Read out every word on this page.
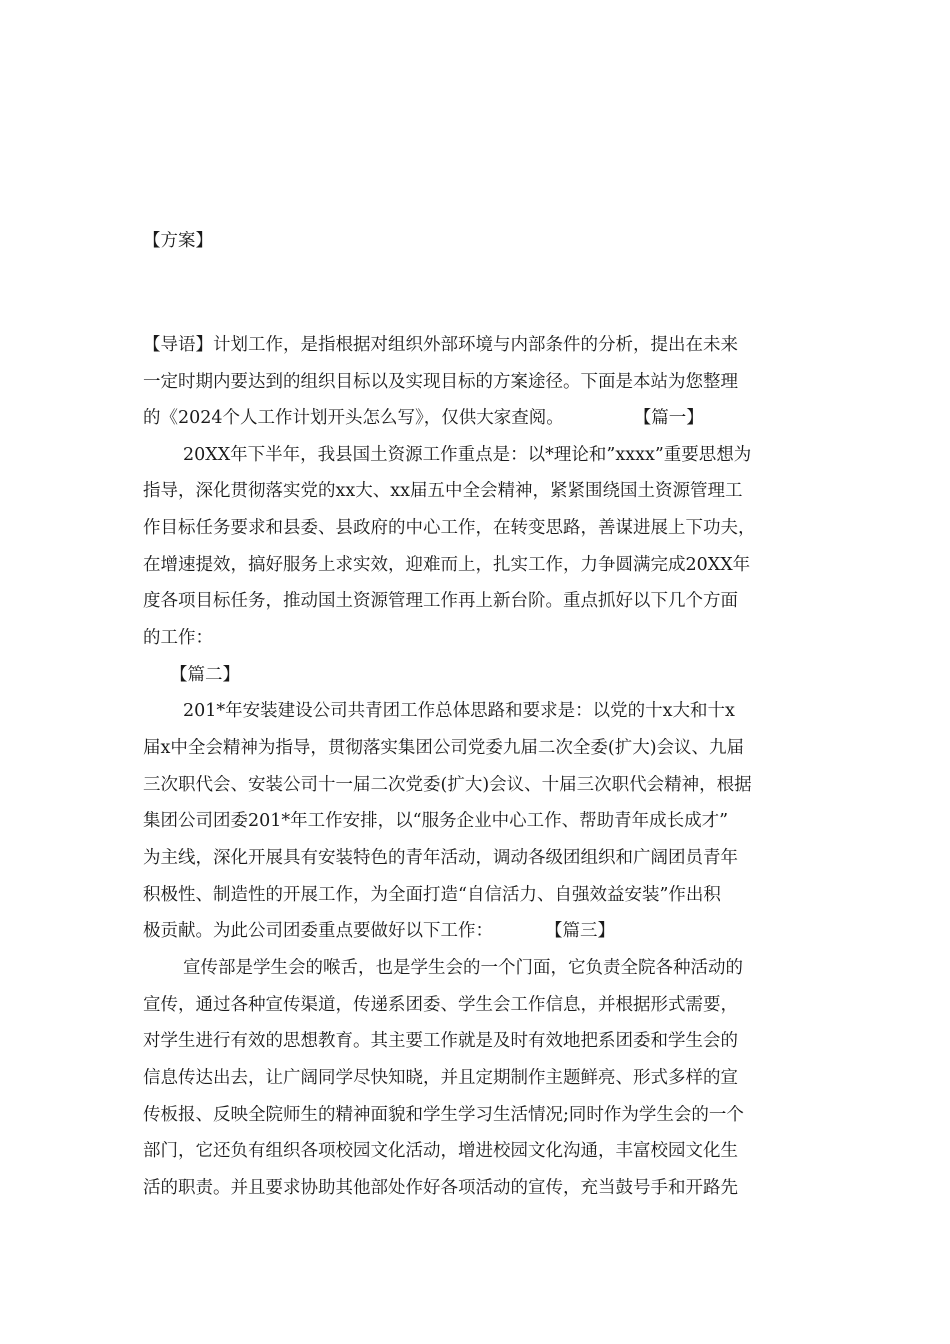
【方案】
【导语】计划工作，是指根据对组织外部环境与内部条件的分析，提出在未来
一定时期内要达到的组织目标以及实现目标的方案途径。下面是本站为您整理
的《2024个人工作计划开头怎么写》，仅供大家查阅。	【篇一】
20XX年下半年，我县国土资源工作重点是：以*理论和”xxxx”重要思想为
指导，深化贯彻落实党的xx大、xx届五中全会精神，紧紧围绕国土资源管理工
作目标任务要求和县委、县政府的中心工作，在转变思路，善谋进展上下功夫，
在增速提效，搞好服务上求实效，迎难而上，扎实工作，力争圆满完成20XX年
度各项目标任务，推动国土资源管理工作再上新台阶。重点抓好以下几个方面
的工作：
【篇二】
201*年安装建设公司共青团工作总体思路和要求是：以党的十x大和十x
届x中全会精神为指导，贯彻落实集团公司党委九届二次全委(扩大)会议、九届
三次职代会、安装公司十一届二次党委(扩大)会议、十届三次职代会精神，根据
集团公司团委201*年工作安排，以“服务企业中心工作、帮助青年成长成才”
为主线，深化开展具有安装特色的青年活动，调动各级团组织和广阔团员青年
积极性、制造性的开展工作，为全面打造“自信活力、自强效益安装”作出积
极贡献。为此公司团委重点要做好以下工作：	【篇三】
宣传部是学生会的喉舌，也是学生会的一个门面，它负责全院各种活动的
宣传，通过各种宣传渠道，传递系团委、学生会工作信息，并根据形式需要，
对学生进行有效的思想教育。其主要工作就是及时有效地把系团委和学生会的
信息传达出去，让广阔同学尽快知晓，并且定期制作主题鲜亮、形式多样的宣
传板报、反映全院师生的精神面貌和学生学习生活情况;同时作为学生会的一个
部门，它还负有组织各项校园文化活动，增进校园文化沟通，丰富校园文化生
活的职责。并且要求协助其他部处作好各项活动的宣传，充当鼓号手和开路先
